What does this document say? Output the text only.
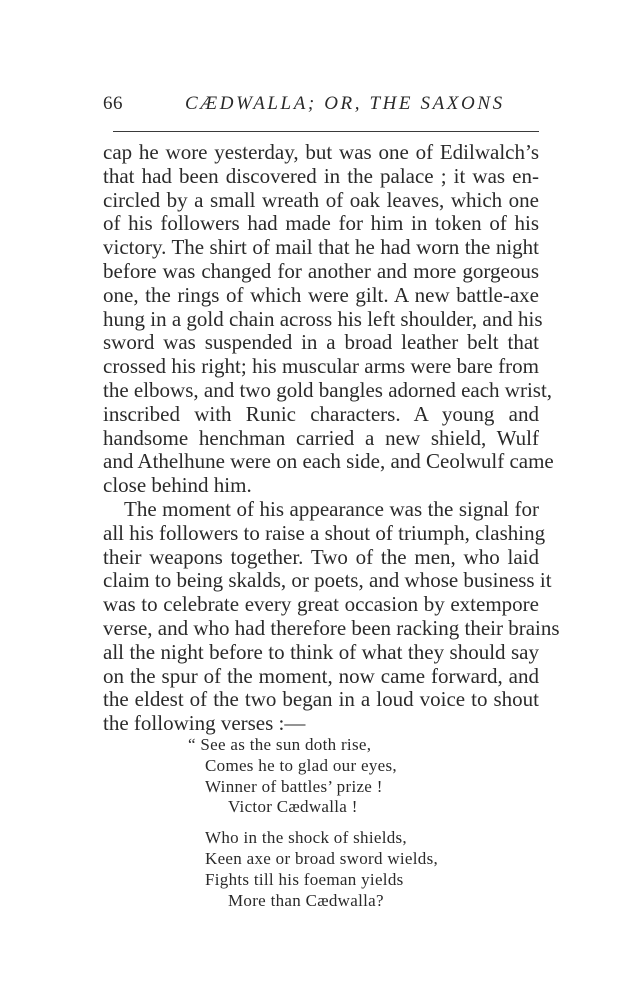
66	CÆDWALLA; OR, THE SAXONS
cap he wore yesterday, but was one of Edilwalch’s
that had been discovered in the palace ; it was en-
circled by a small wreath of oak leaves, which one
of his followers had made for him in token of his
victory. The shirt of mail that he had worn the night
before was changed for another and more gorgeous
one, the rings of which were gilt. A new battle-axe
hung in a gold chain across his left shoulder, and his
sword was suspended in a broad leather belt that
crossed his right; his muscular arms were bare from
the elbows, and two gold bangles adorned each wrist,
inscribed with Runic characters. A young and
handsome henchman carried a new shield, Wulf
and Athelhune were on each side, and Ceolwulf came
close behind him.
The moment of his appearance was the signal for
all his followers to raise a shout of triumph, clashing
their weapons together. Two of the men, who laid
claim to being skalds, or poets, and whose business it
was to celebrate every great occasion by extempore
verse, and who had therefore been racking their brains
all the night before to think of what they should say
on the spur of the moment, now came forward, and
the eldest of the two began in a loud voice to shout
the following verses :—
“ See as the sun doth rise,
Comes he to glad our eyes,
Winner of battles’ prize !
Victor Cædwalla !
Who in the shock of shields,
Keen axe or broad sword wields,
Fights till his foeman yields
More than Cædwalla?
